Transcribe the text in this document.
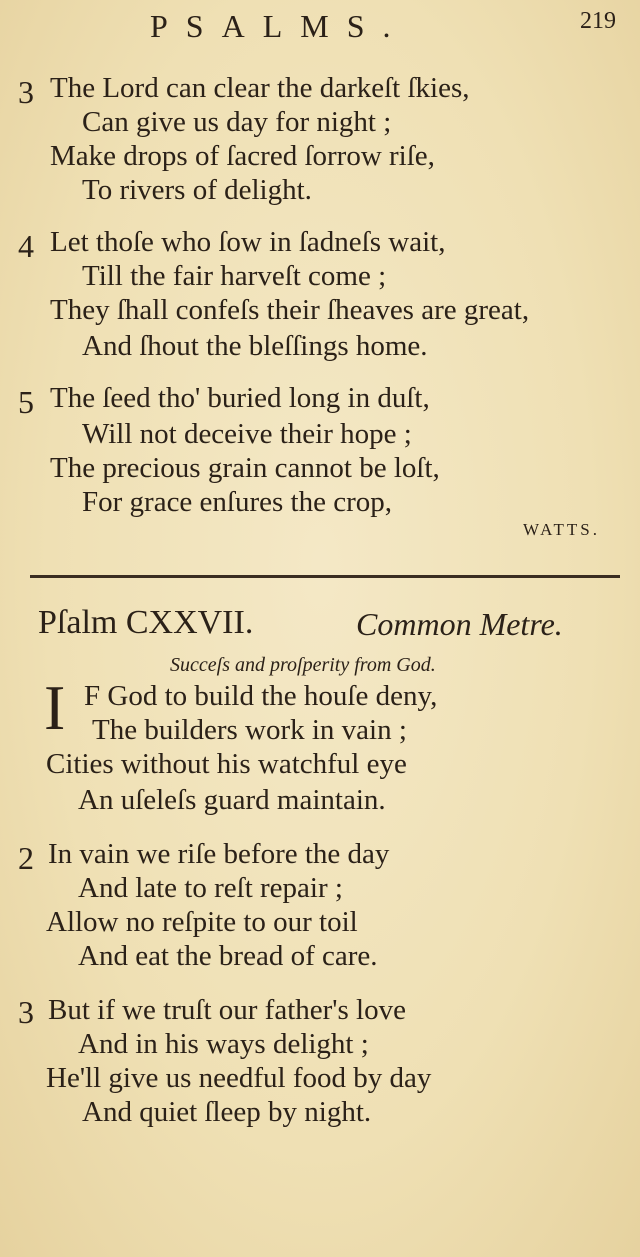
PSALMS.	219
3 The Lord can clear the darkeſt ſkies,
Can give us day for night ;
Make drops of ſacred ſorrow riſe,
To rivers of delight.
4 Let thoſe who ſow in ſadneſs wait,
Till the fair harveſt come ;
They ſhall confeſs their ſheaves are great,
And ſhout the bleſſings home.
5 The ſeed tho' buried long in duſt,
Will not deceive their hope ;
The precious grain cannot be loſt,
For grace enſures the crop,
WATTS.
Pſalm CXXVII.	Common Metre.
Succeſs and proſperity from God.
I F God to build the houſe deny,
The builders work in vain ;
Cities without his watchful eye
An uſeleſs guard maintain.
2 In vain we riſe before the day
And late to reſt repair ;
Allow no reſpite to our toil
And eat the bread of care.
3 But if we truſt our father's love
And in his ways delight ;
He'll give us needful food by day
And quiet ſleep by night.
